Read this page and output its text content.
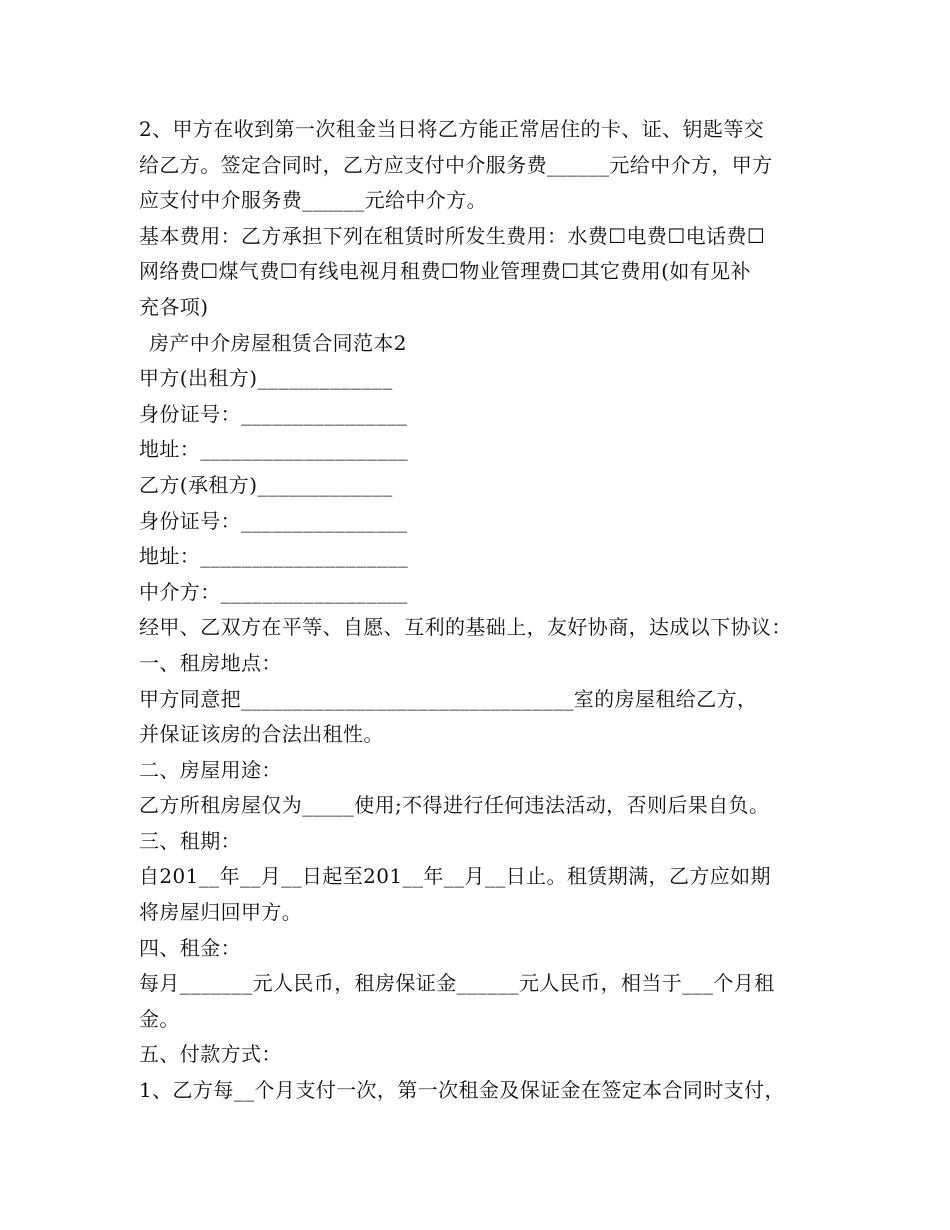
2、甲方在收到第一次租金当日将乙方能正常居住的卡、证、钥匙等交
给乙方。签定合同时，乙方应支付中介服务费______元给中介方，甲方
应支付中介服务费______元给中介方。
基本费用：乙方承担下列在租赁时所发生费用：水费☐电费☐电话费☐
网络费☐煤气费☐有线电视月租费☐物业管理费☐其它费用(如有见补
充各项)
房产中介房屋租赁合同范本2
甲方(出租方)_____________
身份证号：________________
地址：____________________
乙方(承租方)_____________
身份证号：________________
地址：____________________
中介方：__________________
经甲、乙双方在平等、自愿、互利的基础上，友好协商，达成以下协议：
一、租房地点：
甲方同意把________________________________室的房屋租给乙方，
并保证该房的合法出租性。
二、房屋用途：
乙方所租房屋仅为_____使用;不得进行任何违法活动，否则后果自负。
三、租期：
自201__年__月__日起至201__年__月__日止。租赁期满，乙方应如期
将房屋归回甲方。
四、租金：
每月_______元人民币，租房保证金______元人民币，相当于___个月租
金。
五、付款方式：
1、乙方每__个月支付一次，第一次租金及保证金在签定本合同时支付，
